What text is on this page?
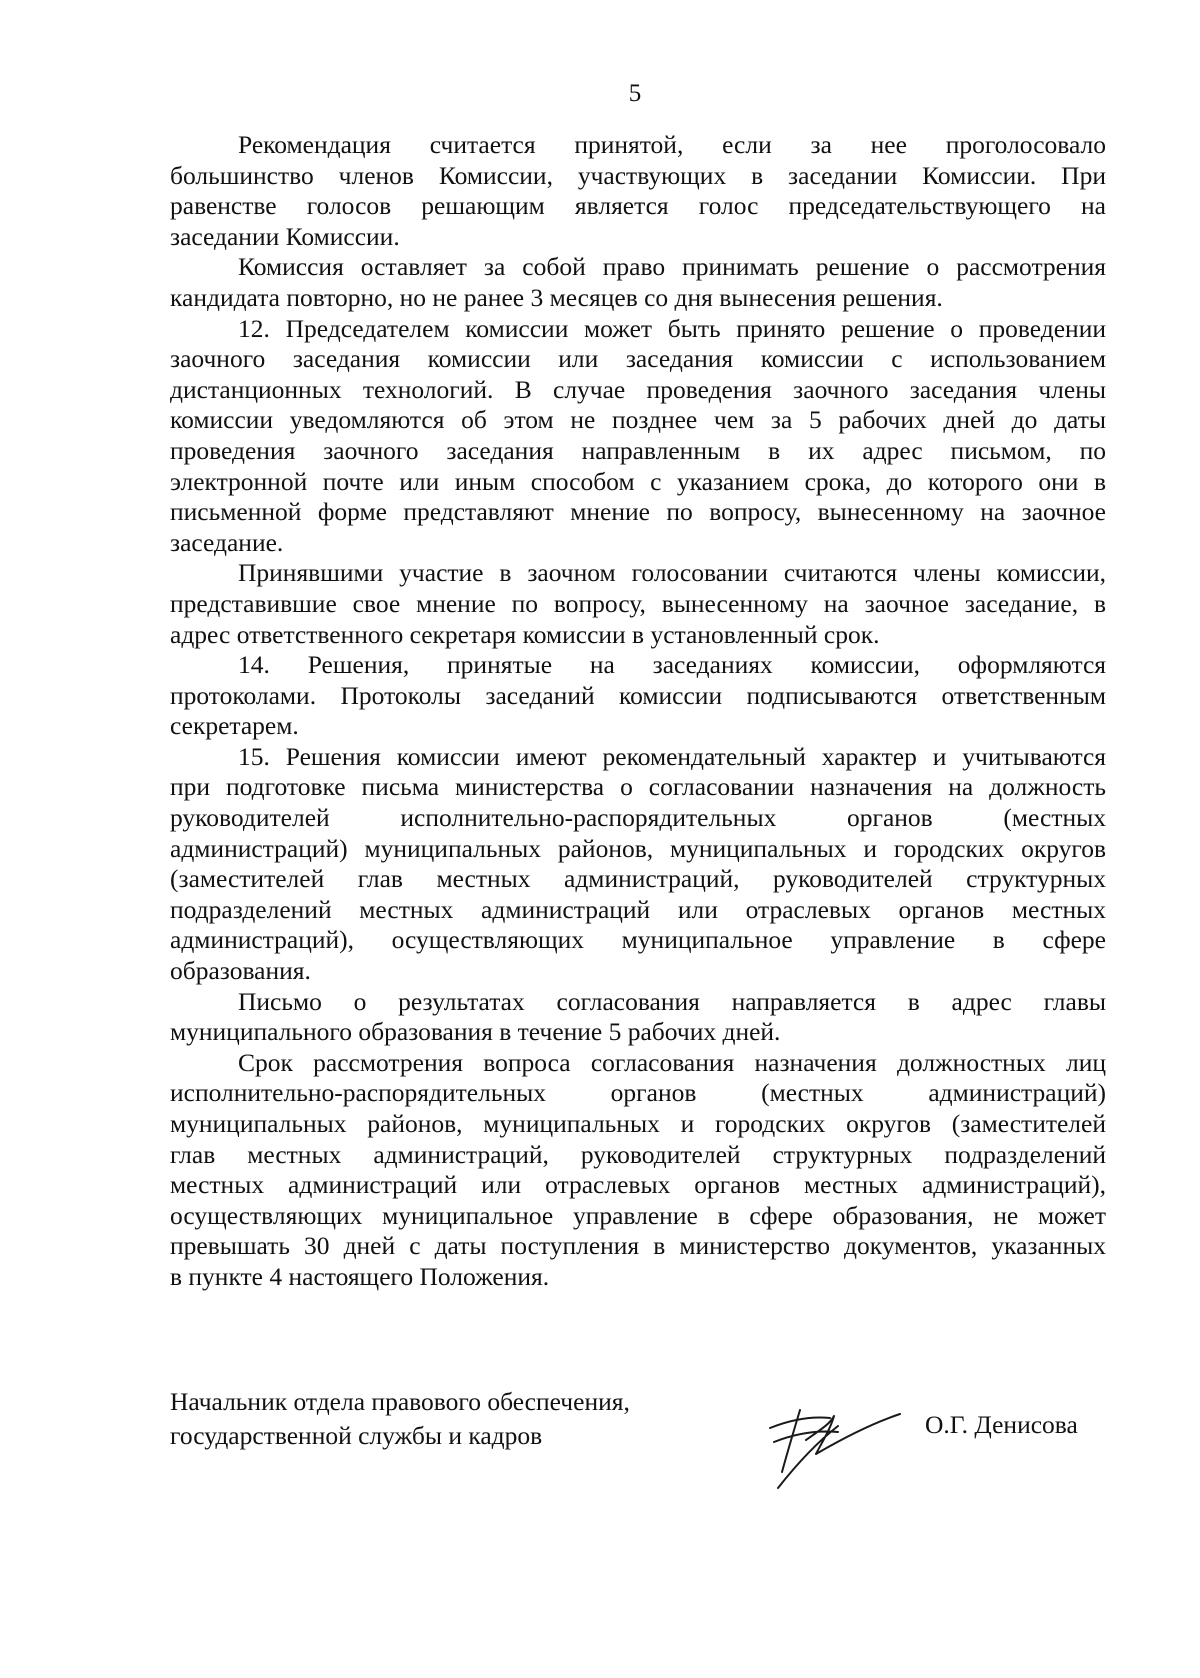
5
Рекомендация считается принятой, если за нее проголосовало
большинство членов Комиссии, участвующих в заседании Комиссии. При
равенстве голосов решающим является голос председательствующего на
заседании Комиссии.
Комиссия оставляет за собой право принимать решение о рассмотрения
кандидата повторно, но не ранее 3 месяцев со дня вынесения решения.
12. Председателем комиссии может быть принято решение о проведении
заочного заседания комиссии или заседания комиссии с использованием
дистанционных технологий. В случае проведения заочного заседания члены
комиссии уведомляются об этом не позднее чем за 5 рабочих дней до даты
проведения заочного заседания направленным в их адрес письмом, по
электронной почте или иным способом с указанием срока, до которого они в
письменной форме представляют мнение по вопросу, вынесенному на заочное
заседание.
Принявшими участие в заочном голосовании считаются члены комиссии,
представившие свое мнение по вопросу, вынесенному на заочное заседание, в
адрес ответственного секретаря комиссии в установленный срок.
14. Решения, принятые на заседаниях комиссии, оформляются
протоколами. Протоколы заседаний комиссии подписываются ответственным
секретарем.
15. Решения комиссии имеют рекомендательный характер и учитываются
при подготовке письма министерства о согласовании назначения на должность
руководителей исполнительно-распорядительных органов (местных
администраций) муниципальных районов, муниципальных и городских округов
(заместителей глав местных администраций, руководителей структурных
подразделений местных администраций или отраслевых органов местных
администраций), осуществляющих муниципальное управление в сфере
образования.
Письмо о результатах согласования направляется в адрес главы
муниципального образования в течение 5 рабочих дней.
Срок рассмотрения вопроса согласования назначения должностных лиц
исполнительно-распорядительных органов (местных администраций)
муниципальных районов, муниципальных и городских округов (заместителей
глав местных администраций, руководителей структурных подразделений
местных администраций или отраслевых органов местных администраций),
осуществляющих муниципальное управление в сфере образования, не может
превышать 30 дней с даты поступления в министерство документов, указанных
в пункте 4 настоящего Положения.
Начальник отдела правового обеспечения,
государственной службы и кадров	О.Г. Денисова
